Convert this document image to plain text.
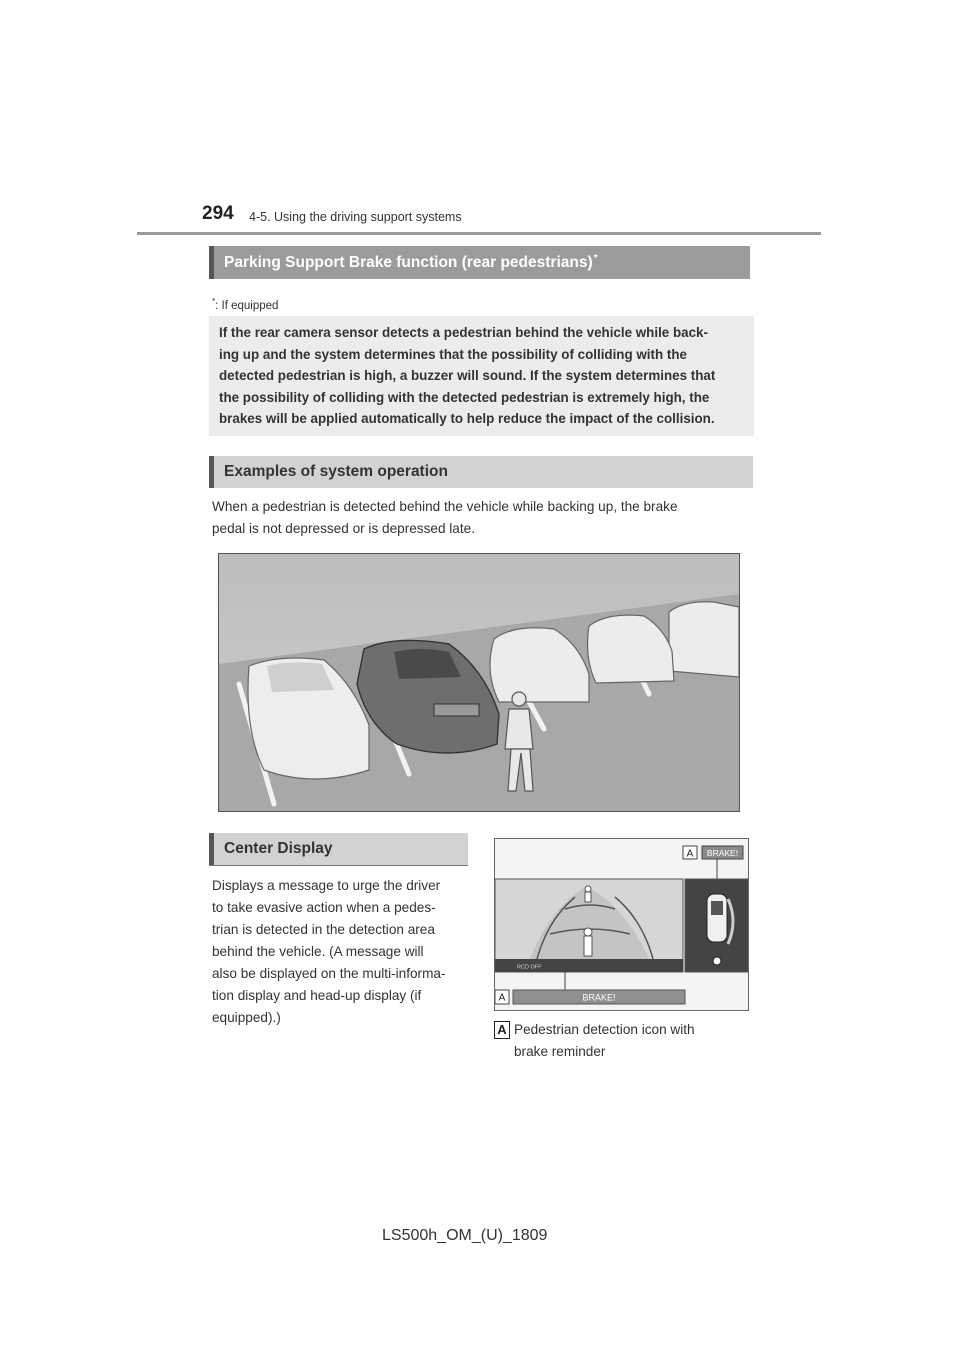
294 4-5. Using the driving support systems
Parking Support Brake function (rear pedestrians)*
*: If equipped
If the rear camera sensor detects a pedestrian behind the vehicle while back-
ing up and the system determines that the possibility of colliding with the
detected pedestrian is high, a buzzer will sound. If the system determines that
the possibility of colliding with the detected pedestrian is extremely high, the
brakes will be applied automatically to help reduce the impact of the collision.
Examples of system operation
When a pedestrian is detected behind the vehicle while backing up, the brake
pedal is not depressed or is depressed late.
Center Display
Displays a message to urge the driver
to take evasive action when a pedes-
trian is detected in the detection area
behind the vehicle. (A message will
also be displayed on the multi-informa-
tion display and head-up display (if
equipped).)
A BRAKE!
RCD OFF
A	BRAKE!
A Pedestrian detection icon with
brake reminder
LS500h_OM_(U)_1809
